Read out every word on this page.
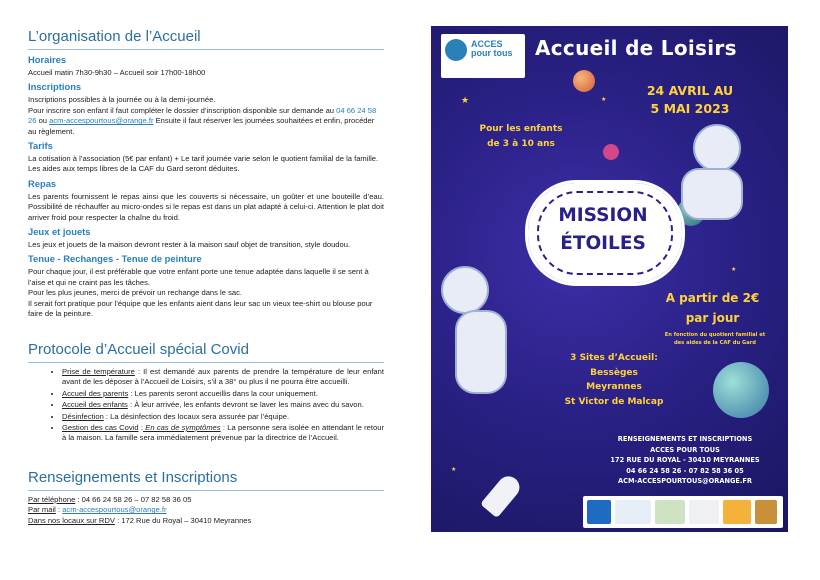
L’organisation de l’Accueil
Horaires

Accueil matin 7h30-9h30 – Accueil soir 17h00-18h00

Inscriptions

Inscriptions possibles à la journée ou à la demi-journée.

Pour inscrire son enfant il faut compléter le dossier d’inscription disponible sur demande au 04 66 24 58 26 ou acm-accespourtous@orange.fr Ensuite il faut réserver les journées souhaitées et enfin, procéder au règlement.

Tarifs

La cotisation à l’association (5€ par enfant) + Le tarif journée varie selon le quotient familial de la famille. Les aides aux temps libres de la CAF du Gard seront déduites.

Repas

Les parents fournissent le repas ainsi que les couverts si nécessaire, un goûter et une bouteille d’eau. Possibilité de réchauffer au micro-ondes si le repas est dans un plat adapté à celui-ci. Attention le plat doit arriver froid pour respecter la chaîne du froid.

Jeux et jouets

Les jeux et jouets de la maison devront rester à la maison sauf objet de transition, style doudou.

Tenue - Rechanges - Tenue de peinture

Pour chaque jour, il est préférable que votre enfant porte une tenue adaptée dans laquelle il se sent à l’aise et qui ne craint pas les tâches.

Pour les plus jeunes, merci de prévoir un rechange dans le sac.

Il serait fort pratique pour l’équipe que les enfants aient dans leur sac un vieux tee-shirt ou blouse pour faire de la peinture.

Protocole d’Accueil spécial Covid
• Prise de température : Il est demandé aux parents de prendre la température de leur enfant avant de les déposer à l’Accueil de Loisirs, s’il a 38° ou plus il ne pourra être accueilli.
• Accueil des parents : Les parents seront accueillis dans la cour uniquement.
• Accueil des enfants : À leur arrivée, les enfants devront se laver les mains avec du savon.
• Désinfection : La désinfection des locaux sera assurée par l’équipe.
• Gestion des cas Covid : En cas de symptômes : La personne sera isolée en attendant le retour à la maison. La famille sera immédiatement prévenue par la directrice de l’Accueil.
Renseignements et Inscriptions

Par téléphone : 04 66 24 58 26 – 07 82 58 36 05

Par mail : acm-accespourtous@orange.fr

Dans nos locaux sur RDV : 172 Rue du Royal – 30410 Meyrannes

★	★
★
★
ACCES
pour tous Accueil de Loisirs
24 AVRIL AU
5 MAI 2023
Pour les enfants
de 3 à 10 ans
MISSION
ÉTOILES
A partir de 2€
par jour
En fonction du quotient familial et
des aides de la CAF du Gard
3 Sites d’Accueil:
Bessèges
Meyrannes
St Victor de Malcap
RENSEIGNEMENTS ET INSCRIPTIONS
ACCES POUR TOUS
172 RUE DU ROYAL - 30410 MEYRANNES
04 66 24 58 26 - 07 82 58 36 05
ACM-ACCESPOURTOUS@ORANGE.FR
